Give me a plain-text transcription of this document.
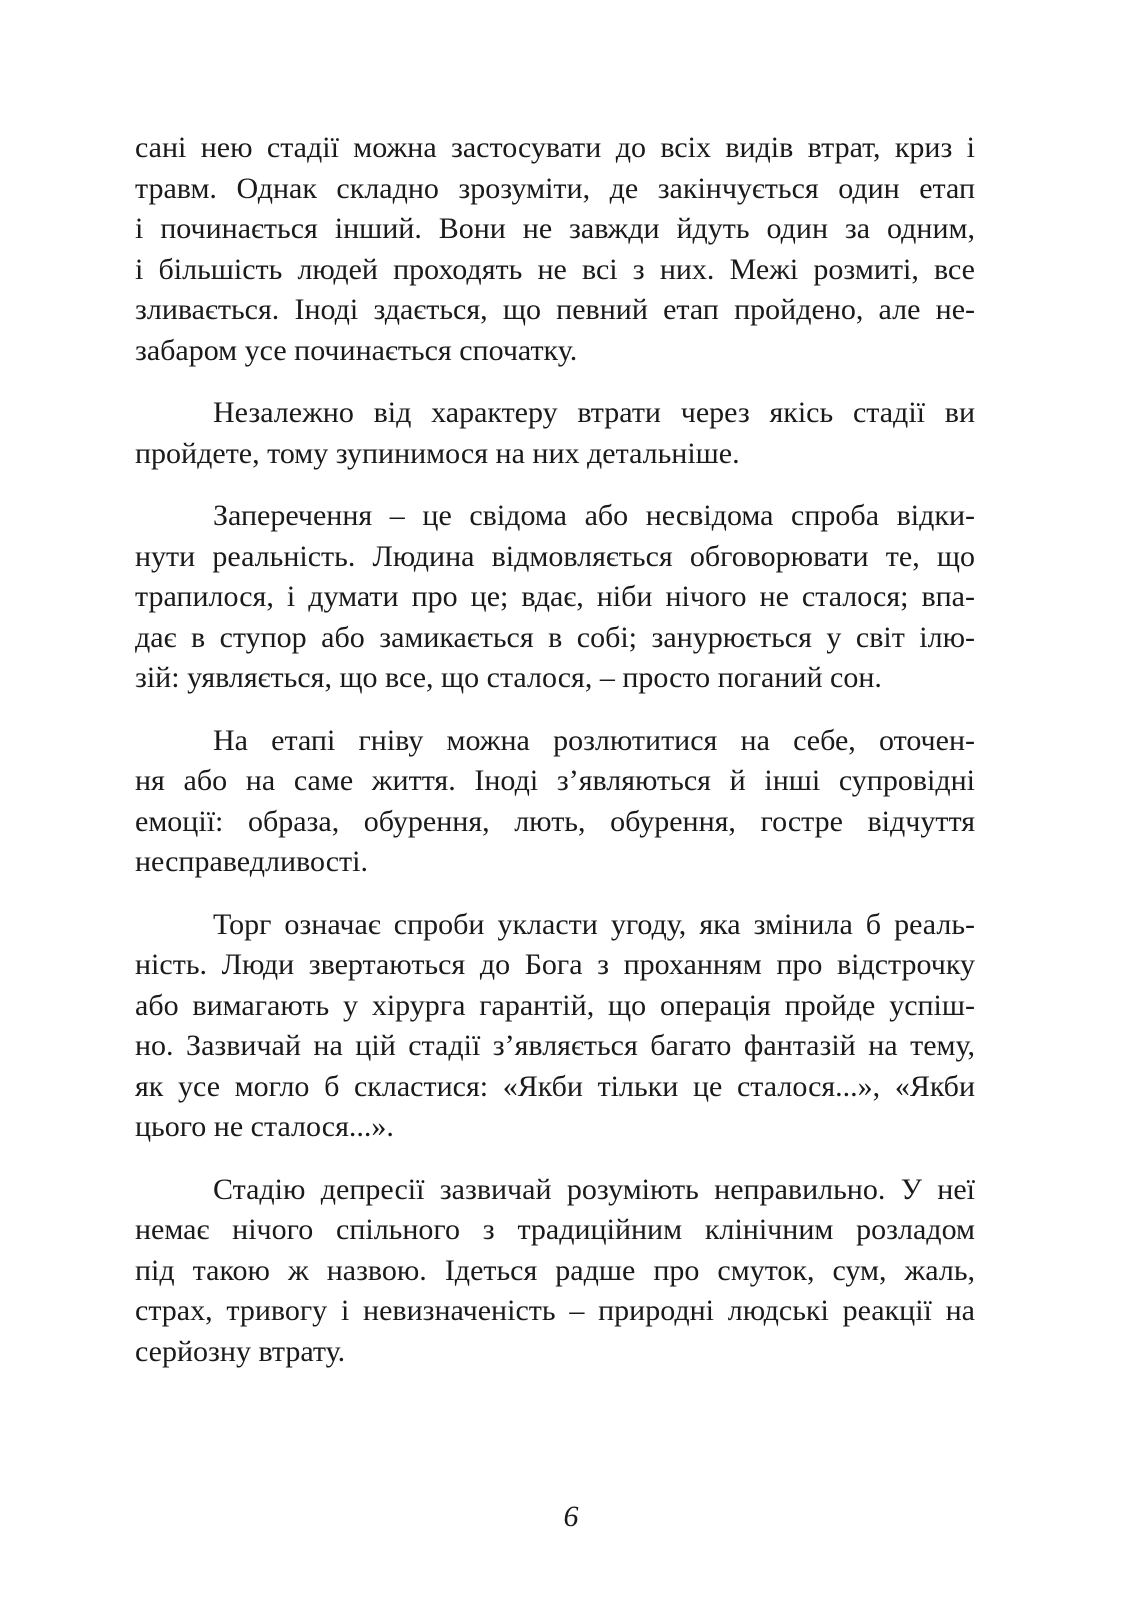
сані нею стадії можна застосувати до всіх видів втрат, криз і
травм. Однак складно зрозуміти, де закінчується один етап
і починається інший. Вони не завжди йдуть один за одним,
і більшість людей проходять не всі з них. Межі розмиті, все
зливається. Іноді здається, що певний етап пройдено, але не-
забаром усе починається спочатку.
Незалежно від характеру втрати через якісь стадії ви
пройдете, тому зупинимося на них детальніше.
Заперечення – це свідома або несвідома спроба відки-
нути реальність. Людина відмовляється обговорювати те, що
трапилося, і думати про це; вдає, ніби нічого не сталося; впа-
дає в ступор або замикається в собі; занурюється у світ ілю-
зій: уявляється, що все, що сталося, – просто поганий сон.
На етапі гніву можна розлютитися на себе, оточен-
ня або на саме життя. Іноді з’являються й інші супровідні
емоції: образа, обурення, лють, обурення, гостре відчуття
несправедливості.
Торг означає спроби укласти угоду, яка змінила б реаль-
ність. Люди звертаються до Бога з проханням про відстрочку
або вимагають у хірурга гарантій, що операція пройде успіш-
но. Зазвичай на цій стадії з’являється багато фантазій на тему,
як усе могло б скластися: «Якби тільки це сталося...», «Якби
цього не сталося...».
Стадію депресії зазвичай розуміють неправильно. У неї
немає нічого спільного з традиційним клінічним розладом
під такою ж назвою. Ідеться радше про смуток, сум, жаль,
страх, тривогу і невизначеність – природні людські реакції на
серйозну втрату.
6
